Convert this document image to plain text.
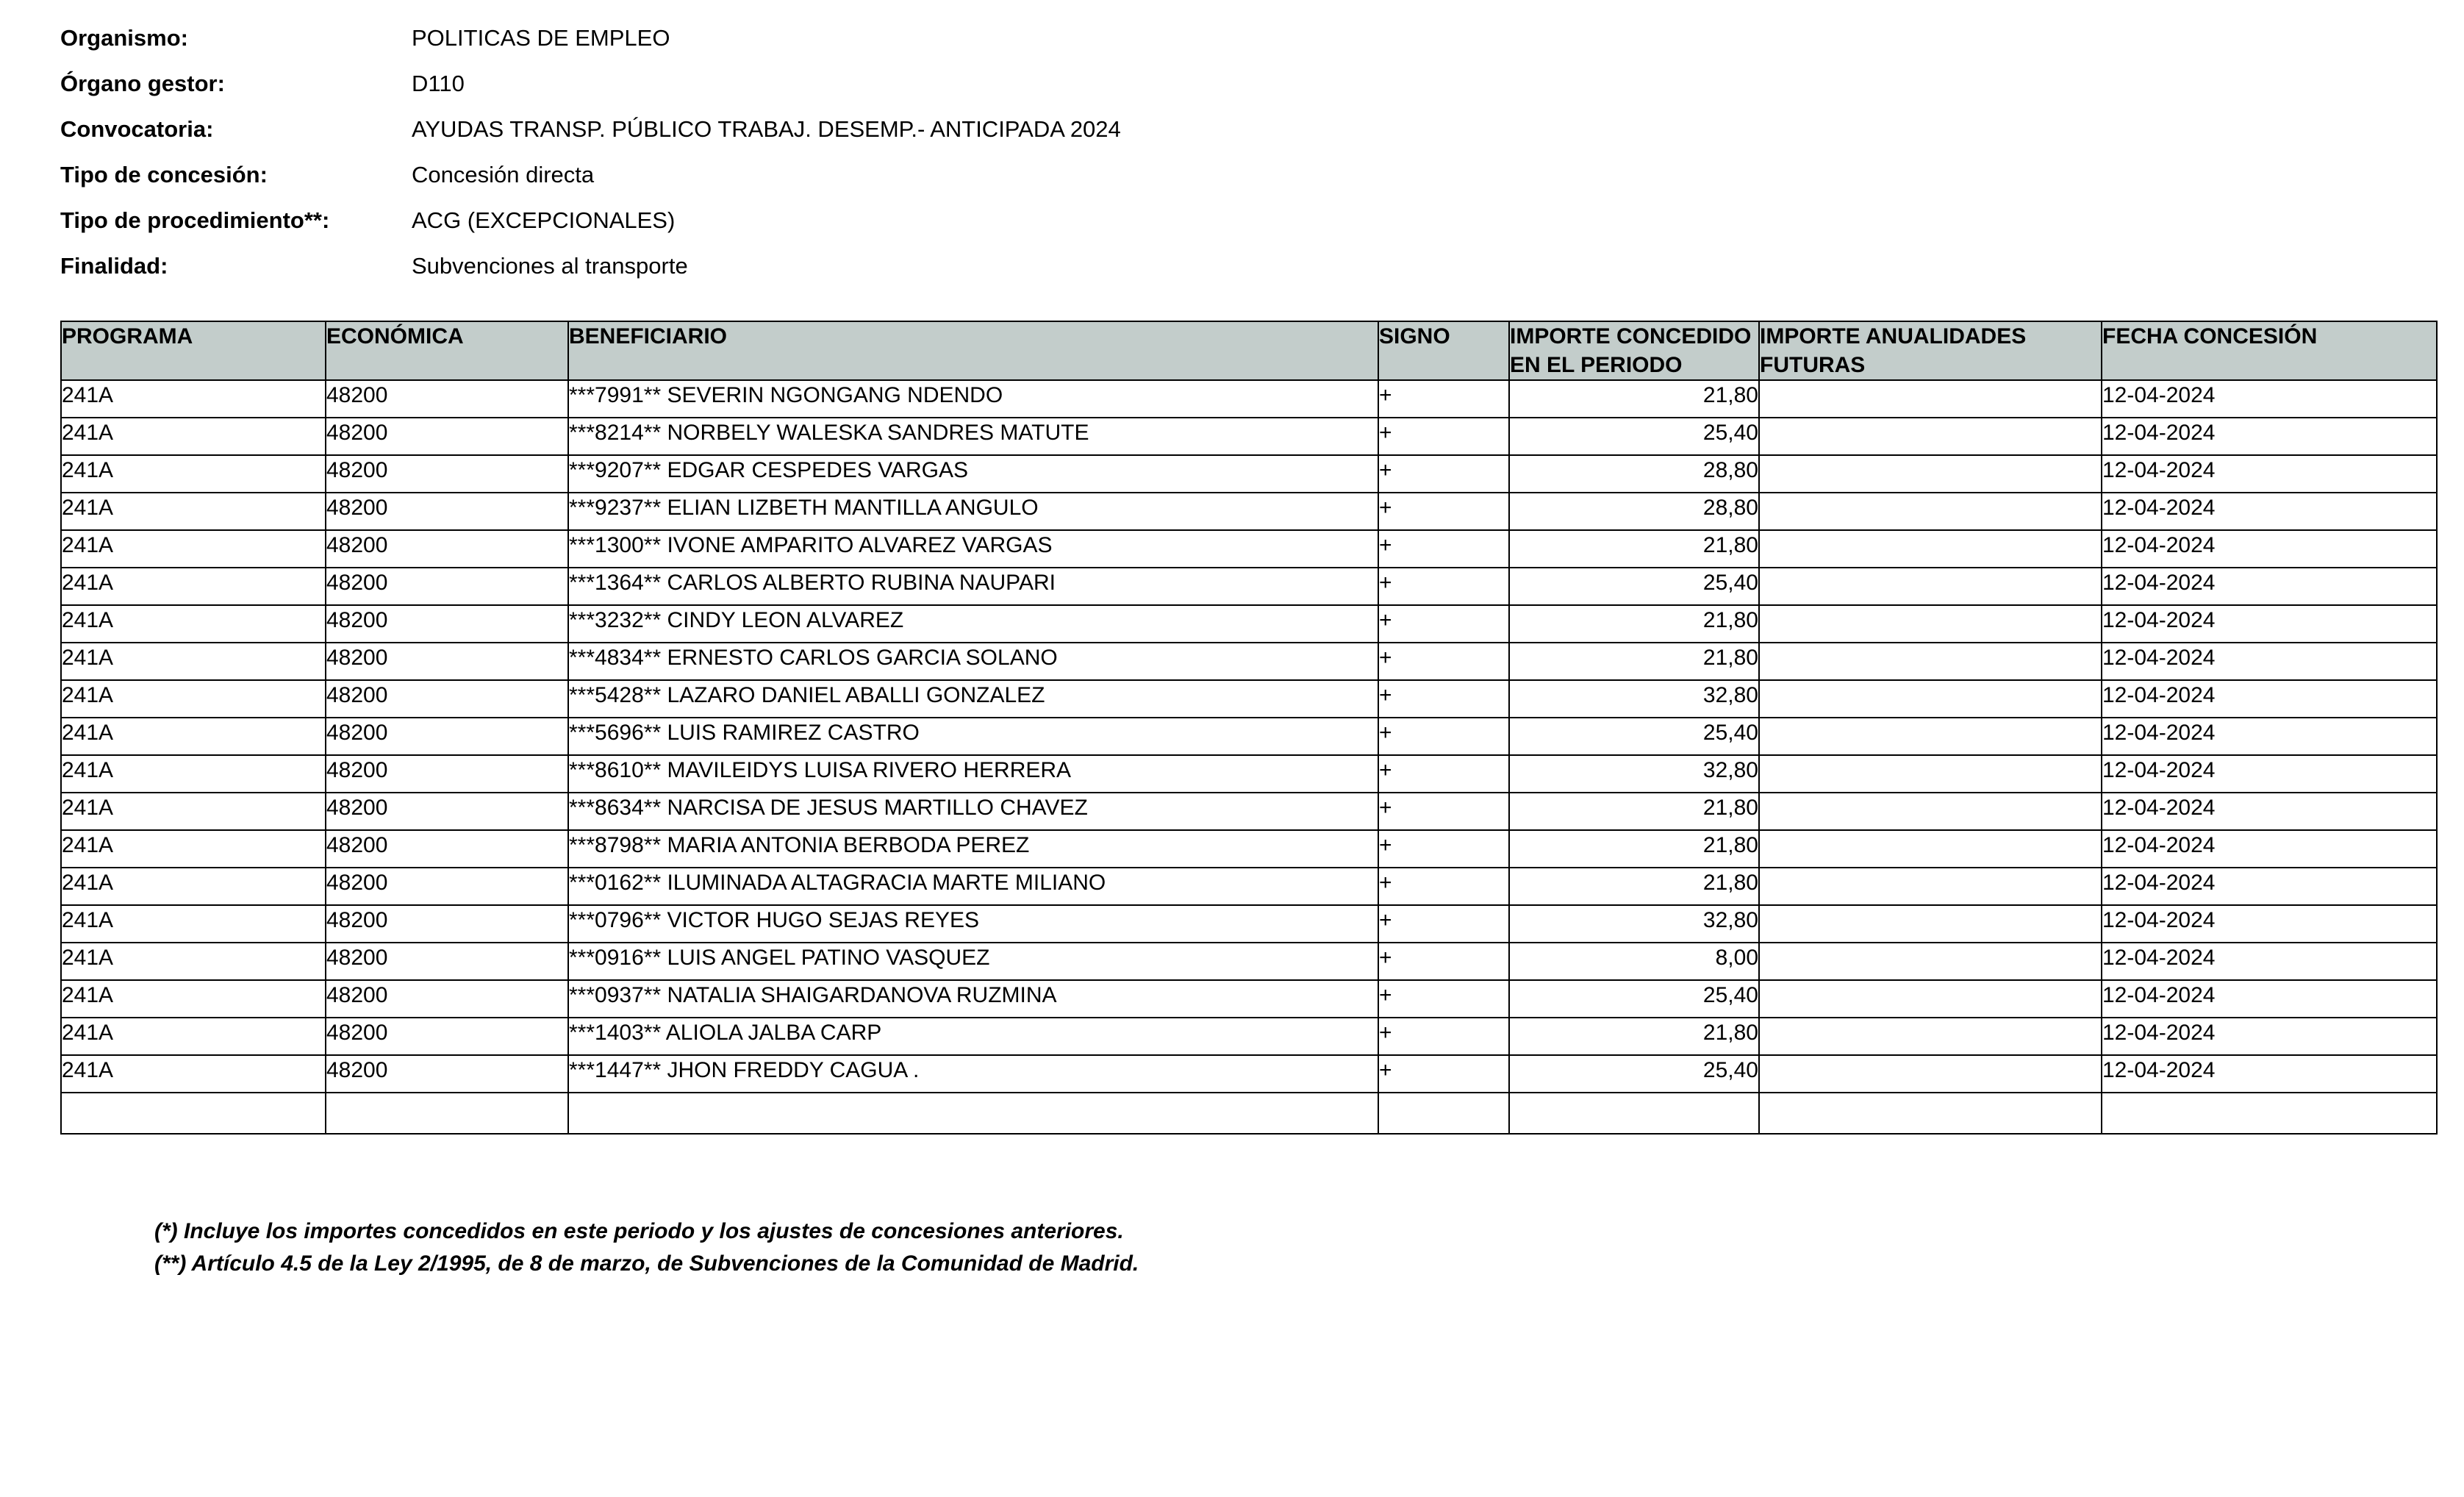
Organismo:	POLITICAS DE EMPLEO
Órgano gestor:	D110
Convocatoria:	AYUDAS TRANSP. PÚBLICO TRABAJ. DESEMP.- ANTICIPADA 2024
Tipo de concesión:	Concesión directa
Tipo de procedimiento**:	ACG (EXCEPCIONALES)
Finalidad:	Subvenciones al transporte
PROGRAMA	ECONÓMICA	BENEFICIARIO	SIGNO	IMPORTE CONCEDIDO EN EL PERIODO	IMPORTE ANUALIDADES FUTURAS	FECHA CONCESIÓN
241A	48200	***7991** SEVERIN NGONGANG NDENDO	+	21,80		12-04-2024
241A	48200	***8214** NORBELY WALESKA SANDRES MATUTE	+	25,40		12-04-2024
241A	48200	***9207** EDGAR CESPEDES VARGAS	+	28,80		12-04-2024
241A	48200	***9237** ELIAN LIZBETH MANTILLA ANGULO	+	28,80		12-04-2024
241A	48200	***1300** IVONE AMPARITO ALVAREZ VARGAS	+	21,80		12-04-2024
241A	48200	***1364** CARLOS ALBERTO RUBINA NAUPARI	+	25,40		12-04-2024
241A	48200	***3232** CINDY LEON ALVAREZ	+	21,80		12-04-2024
241A	48200	***4834** ERNESTO CARLOS GARCIA SOLANO	+	21,80		12-04-2024
241A	48200	***5428** LAZARO DANIEL ABALLI GONZALEZ	+	32,80		12-04-2024
241A	48200	***5696** LUIS RAMIREZ CASTRO	+	25,40		12-04-2024
241A	48200	***8610** MAVILEIDYS LUISA RIVERO HERRERA	+	32,80		12-04-2024
241A	48200	***8634** NARCISA DE JESUS MARTILLO CHAVEZ	+	21,80		12-04-2024
241A	48200	***8798** MARIA ANTONIA BERBODA PEREZ	+	21,80		12-04-2024
241A	48200	***0162** ILUMINADA ALTAGRACIA MARTE MILIANO	+	21,80		12-04-2024
241A	48200	***0796** VICTOR HUGO SEJAS REYES	+	32,80		12-04-2024
241A	48200	***0916** LUIS ANGEL PATINO VASQUEZ	+	8,00		12-04-2024
241A	48200	***0937** NATALIA SHAIGARDANOVA RUZMINA	+	25,40		12-04-2024
241A	48200	***1403** ALIOLA JALBA CARP	+	21,80		12-04-2024
241A	48200	***1447** JHON FREDDY CAGUA .	+	25,40		12-04-2024

(*) Incluye los importes concedidos en este periodo y los ajustes de concesiones anteriores.
(**) Artículo 4.5 de la Ley 2/1995, de 8 de marzo, de Subvenciones de la Comunidad de Madrid.
